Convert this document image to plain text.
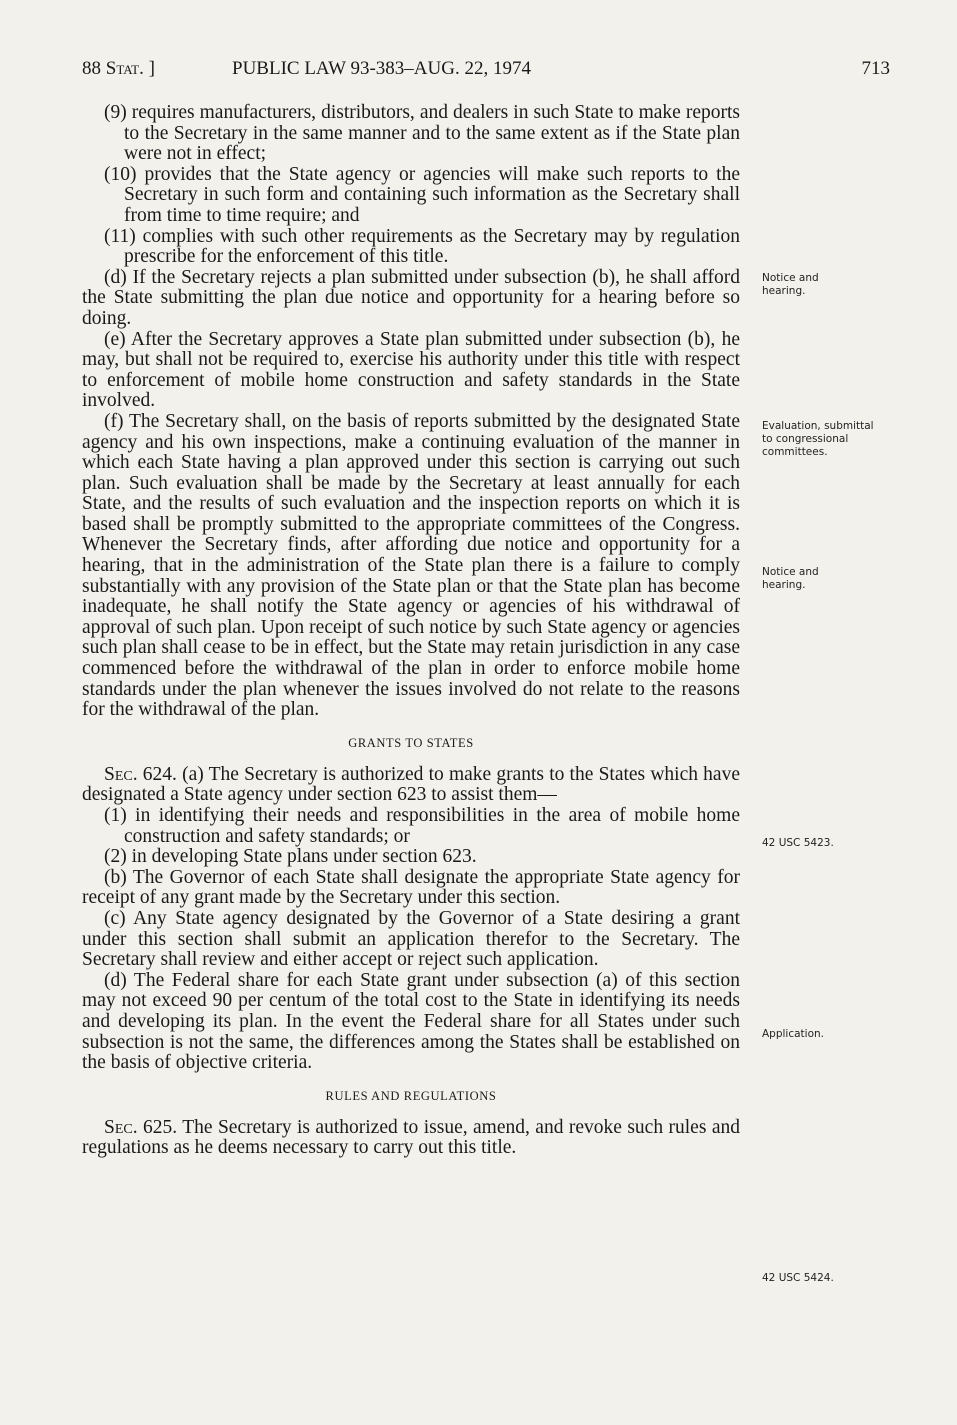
88 Stat. ]	PUBLIC LAW 93-383–AUG. 22, 1974	713

(9) requires manufacturers, distributors, and dealers in such State to make reports to the Secretary in the same manner and to the same extent as if the State plan were not in effect;

(10) provides that the State agency or agencies will make such reports to the Secretary in such form and containing such information as the Secretary shall from time to time require; and

(11) complies with such other requirements as the Secretary may by regulation prescribe for the enforcement of this title.

(d) If the Secretary rejects a plan submitted under subsection (b), he shall afford the State submitting the plan due notice and opportunity for a hearing before so doing.

(e) After the Secretary approves a State plan submitted under subsection (b), he may, but shall not be required to, exercise his authority under this title with respect to enforcement of mobile home construction and safety standards in the State involved.

(f) The Secretary shall, on the basis of reports submitted by the designated State agency and his own inspections, make a continuing evaluation of the manner in which each State having a plan approved under this section is carrying out such plan. Such evaluation shall be made by the Secretary at least annually for each State, and the results of such evaluation and the inspection reports on which it is based shall be promptly submitted to the appropriate committees of the Congress. Whenever the Secretary finds, after affording due notice and opportunity for a hearing, that in the administration of the State plan there is a failure to comply substantially with any provision of the State plan or that the State plan has become inadequate, he shall notify the State agency or agencies of his withdrawal of approval of such plan. Upon receipt of such notice by such State agency or agencies such plan shall cease to be in effect, but the State may retain jurisdiction in any case commenced before the withdrawal of the plan in order to enforce mobile home standards under the plan whenever the issues involved do not relate to the reasons for the withdrawal of the plan.

GRANTS TO STATES

Sec. 624. (a) The Secretary is authorized to make grants to the States which have designated a State agency under section 623 to assist them—

(1) in identifying their needs and responsibilities in the area of mobile home construction and safety standards; or

(2) in developing State plans under section 623.

(b) The Governor of each State shall designate the appropriate State agency for receipt of any grant made by the Secretary under this section.

(c) Any State agency designated by the Governor of a State desiring a grant under this section shall submit an application therefor to the Secretary. The Secretary shall review and either accept or reject such application.

(d) The Federal share for each State grant under subsection (a) of this section may not exceed 90 per centum of the total cost to the State in identifying its needs and developing its plan. In the event the Federal share for all States under such subsection is not the same, the differences among the States shall be established on the basis of objective criteria.

RULES AND REGULATIONS

Sec. 625. The Secretary is authorized to issue, amend, and revoke such rules and regulations as he deems necessary to carry out this title.

Notice and hearing.
Evaluation, submittal to congressional committees.
Notice and hearing.
42 USC 5423.
Application.
42 USC 5424.
